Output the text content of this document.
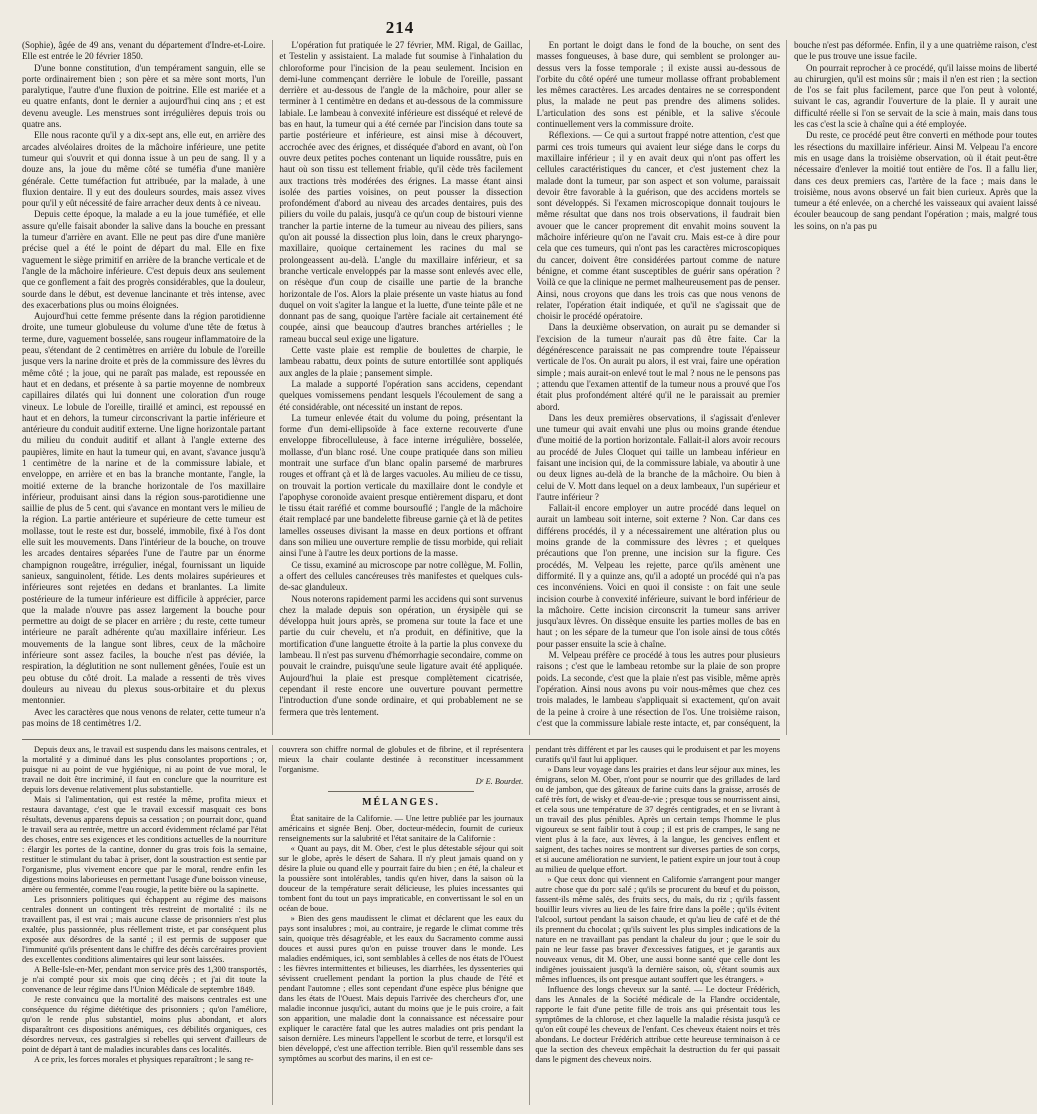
214

(Sophie), âgée de 49 ans, venant du département d'Indre-et-Loire. Elle est entrée le 20 février 1850.

D'une bonne constitution, d'un tempérament sanguin, elle se porte ordinairement bien ; son père et sa mère sont morts, l'un paralytique, l'autre d'une fluxion de poitrine. Elle est mariée et a eu quatre enfants, dont le dernier a aujourd'hui cinq ans ; et est devenu aveugle. Les menstrues sont irrégulières depuis trois ou quatre ans.

Elle nous raconte qu'il y a dix-sept ans, elle eut, en arrière des arcades alvéolaires droites de la mâchoire inférieure, une petite tumeur qui s'ouvrit et qui donna issue à un peu de sang. Il y a douze ans, la joue du même côté se tuméfia d'une manière générale. Cette tuméfaction fut attribuée, par la malade, à une fluxion dentaire. Il y eut des douleurs sourdes, mais assez vives pour qu'il y eût nécessité de faire arracher deux dents à ce niveau.

Depuis cette époque, la malade a eu la joue tuméfiée, et elle assure qu'elle faisait abonder la salive dans la bouche en pressant la tumeur d'arrière en avant. Elle ne peut pas dire d'une manière précise quel a été le point de départ du mal. Elle en fixe vaguement le siège primitif en arrière de la branche verticale et de l'angle de la mâchoire inférieure. C'est depuis deux ans seulement que ce gonflement a fait des progrès considérables, que la douleur, sourde dans le début, est devenue lancinante et très intense, avec des exacerbations plus ou moins éloignées.

Aujourd'hui cette femme présente dans la région parotidienne droite, une tumeur globuleuse du volume d'une tête de fœtus à terme, dure, vaguement bosselée, sans rougeur inflammatoire de la peau, s'étendant de 2 centimètres en arrière du lobule de l'oreille jusque vers la narine droite et près de la commissure des lèvres du même côté ; la joue, qui ne paraît pas malade, est repoussée en haut et en dedans, et présente à sa partie moyenne de nombreux capillaires dilatés qui lui donnent une coloration d'un rouge vineux. Le lobule de l'oreille, tiraillé et aminci, est repoussé en haut et en dehors, la tumeur circonscrivant la partie inférieure et antérieure du conduit auditif externe. Une ligne horizontale partant du milieu du conduit auditif et allant à l'angle externe des paupières, limite en haut la tumeur qui, en avant, s'avance jusqu'à 1 centimètre de la narine et de la commissure labiale, et enveloppe, en arrière et en bas la branche montante, l'angle, la moitié externe de la branche horizontale de l'os maxillaire inférieur, produisant ainsi dans la région sous-parotidienne une saillie de plus de 5 cent. qui s'avance en montant vers le milieu de la région. La partie antérieure et supérieure de cette tumeur est mollasse, tout le reste est dur, bosselé, immobile, fixé à l'os dont elle suit les mouvements. Dans l'intérieur de la bouche, on trouve les arcades dentaires séparées l'une de l'autre par un énorme champignon rougeâtre, irrégulier, inégal, fournissant un liquide sanieux, sanguinolent, fétide. Les dents molaires supérieures et inférieures sont rejetées en dedans et branlantes. La limite postérieure de la tumeur inférieure est difficile à apprécier, parce que la malade n'ouvre pas assez largement la bouche pour permettre au doigt de se placer en arrière ; du reste, cette tumeur intérieure ne paraît adhérente qu'au maxillaire inférieur. Les mouvements de la langue sont libres, ceux de la mâchoire inférieure sont assez faciles, la bouche n'est pas déviée, la respiration, la déglutition ne sont nullement gênées, l'ouïe est un peu obtuse du côté droit. La malade a ressenti de très vives douleurs au niveau du plexus sous-orbitaire et du plexus mentonnier.

Avec les caractères que nous venons de relater, cette tumeur n'a pas moins de 18 centimètres 1/2.

L'opération fut pratiquée le 27 février, MM. Rigal, de Gaillac, et Testelin y assistaient. La malade fut soumise à l'inhalation du chloroforme pour l'incision de la peau seulement. Incision en demi-lune commençant derrière le lobule de l'oreille, passant derrière et au-dessous de l'angle de la mâchoire, pour aller se terminer à 1 centimètre en dedans et au-dessous de la commissure labiale. Le lambeau à convexité inférieure est disséqué et relevé de bas en haut, la tumeur qui a été cernée par l'incision dans toute sa partie postérieure et inférieure, est ainsi mise à découvert, accrochée avec des érignes, et disséquée d'abord en avant, où l'on ouvre deux petites poches contenant un liquide roussâtre, puis en haut où son tissu est tellement friable, qu'il cède très facilement aux tractions très modérées des érignes. La masse étant ainsi isolée des parties voisines, on peut pousser la dissection profondément d'abord au niveau des arcades dentaires, puis des piliers du voile du palais, jusqu'à ce qu'un coup de bistouri vienne trancher la partie interne de la tumeur au niveau des piliers, sans qu'on ait poussé la dissection plus loin, dans le creux pharyngo-maxillaire, quoique certainement les racines du mal se prolongeassent au-delà. L'angle du maxillaire inférieur, et sa branche verticale enveloppés par la masse sont enlevés avec elle, on résèque d'un coup de cisaille une partie de la branche horizontale de l'os. Alors la plaie présente un vaste hiatus au fond duquel on voit s'agiter la langue et la luette, d'une teinte pâle et ne donnant pas de sang, quoique l'artère faciale ait certainement été coupée, ainsi que beaucoup d'autres branches artérielles ; le rameau buccal seul exige une ligature.

Cette vaste plaie est remplie de boulettes de charpie, le lambeau rabattu, deux points de suture entortillée sont appliqués aux angles de la plaie ; pansement simple.

La malade a supporté l'opération sans accidens, cependant quelques vomissemens pendant lesquels l'écoulement de sang a été considérable, ont nécessité un instant de repos.

La tumeur enlevée était du volume du poing, présentant la forme d'un demi-ellipsoïde à face externe recouverte d'une enveloppe fibrocelluleuse, à face interne irrégulière, bosselée, mollasse, d'un blanc rosé. Une coupe pratiquée dans son milieu montrait une surface d'un blanc opalin parsemé de marbrures rouges et offrant çà et là de larges vacuoles. Au milieu de ce tissu, on trouvait la portion verticale du maxillaire dont le condyle et l'apophyse coronoïde avaient presque entièrement disparu, et dont le tissu était raréfié et comme boursouflé ; l'angle de la mâchoire était remplacé par une bandelette fibreuse garnie çà et là de petites lamelles osseuses divisant la masse en deux portions et offrant dans son milieu une ouverture remplie de tissu morbide, qui reliait ainsi l'une à l'autre les deux portions de la masse.

Ce tissu, examiné au microscope par notre collègue, M. Follin, a offert des cellules cancéreuses très manifestes et quelques culs-de-sac glanduleux.

Nous noterons rapidement parmi les accidens qui sont survenus chez la malade depuis son opération, un érysipèle qui se développa huit jours après, se promena sur toute la face et une partie du cuir chevelu, et n'a produit, en définitive, que la mortification d'une languette étroite à la partie la plus convexe du lambeau. Il n'est pas survenu d'hémorrhagie secondaire, comme on pouvait le craindre, puisqu'une seule ligature avait été appliquée. Aujourd'hui la plaie est presque complètement cicatrisée, cependant il reste encore une ouverture pouvant permettre l'introduction d'une sonde ordinaire, et qui probablement ne se fermera que très lentement.

En portant le doigt dans le fond de la bouche, on sent des masses fongueuses, à base dure, qui semblent se prolonger au-dessus vers la fosse temporale ; il existe aussi au-dessous de l'orbite du côté opéré une tumeur mollasse offrant probablement les mêmes caractères. Les arcades dentaires ne se correspondent plus, la malade ne peut pas prendre des alimens solides. L'articulation des sons est pénible, et la salive s'écoule continuellement vers la commissure droite.

Réflexions. — Ce qui a surtout frappé notre attention, c'est que parmi ces trois tumeurs qui avaient leur siége dans le corps du maxillaire inférieur ; il y en avait deux qui n'ont pas offert les cellules caractéristiques du cancer, et c'est justement chez la malade dont la tumeur, par son aspect et son volume, paraissait devoir être favorable à la guérison, que des accidens mortels se sont développés. Si l'examen microscopique donnait toujours le même résultat que dans nos trois observations, il faudrait bien avouer que le cancer proprement dit envahit moins souvent la mâchoire inférieure qu'on ne l'avait cru. Mais est-ce à dire pour cela que ces tumeurs, qui n'ont pas les caractères microscopiques du cancer, doivent être considérées partout comme de nature bénigne, et comme étant susceptibles de guérir sans opération ? Voilà ce que la clinique ne permet malheureusement pas de penser. Ainsi, nous croyons que dans les trois cas que nous venons de relater, l'opération était indiquée, et qu'il ne s'agissait que de choisir le procédé opératoire.

Dans la deuxième observation, on aurait pu se demander si l'excision de la tumeur n'aurait pas dû être faite. Car la dégénérescence paraissait ne pas comprendre toute l'épaisseur verticale de l'os. On aurait pu alors, il est vrai, faire une opération simple ; mais aurait-on enlevé tout le mal ? nous ne le pensons pas ; attendu que l'examen attentif de la tumeur nous a prouvé que l'os était plus profondément altéré qu'il ne le paraissait au premier abord.

Dans les deux premières observations, il s'agissait d'enlever une tumeur qui avait envahi une plus ou moins grande étendue d'une moitié de la portion horizontale. Fallait-il alors avoir recours au procédé de Jules Cloquet qui taille un lambeau inférieur en faisant une incision qui, de la commissure labiale, va aboutir à une ou deux lignes au-delà de la branche de la mâchoire. Ou bien à celui de V. Mott dans lequel on a deux lambeaux, l'un supérieur et l'autre inférieur ?

Fallait-il encore employer un autre procédé dans lequel on aurait un lambeau soit interne, soit externe ? Non. Car dans ces différens procédés, il y a nécessairement une altération plus ou moins grande de la commissure des lèvres ; et quelques précautions que l'on prenne, une incision sur la figure. Ces procédés, M. Velpeau les rejette, parce qu'ils amènent une difformité. Il y a quinze ans, qu'il a adopté un procédé qui n'a pas ces inconvéniens. Voici en quoi il consiste : on fait une seule incision courbe à convexité inférieure, suivant le bord inférieur de la mâchoire. Cette incision circonscrit la tumeur sans arriver jusqu'aux lèvres. On dissèque ensuite les parties molles de bas en haut ; on les sépare de la tumeur que l'on isole ainsi de tous côtés pour passer ensuite la scie à chaîne.

M. Velpeau préfère ce procédé à tous les autres pour plusieurs raisons ; c'est que le lambeau retombe sur la plaie de son propre poids. La seconde, c'est que la plaie n'est pas visible, même après l'opération. Ainsi nous avons pu voir nous-mêmes que chez ces trois malades, le lambeau s'appliquait si exactement, qu'on avait de la peine à croire à une résection de l'os. Une troisième raison, c'est que la commissure labiale reste intacte, et, par conséquent, la bouche n'est pas déformée. Enfin, il y a une quatrième raison, c'est que le pus trouve une issue facile.

On pourrait reprocher à ce procédé, qu'il laisse moins de liberté au chirurgien, qu'il est moins sûr ; mais il n'en est rien ; la section de l'os se fait plus facilement, parce que l'on peut à volonté, suivant le cas, agrandir l'ouverture de la plaie. Il y aurait une difficulté réelle si l'on se servait de la scie à main, mais dans tous les cas c'est la scie à chaîne qui a été employée.

Du reste, ce procédé peut être converti en méthode pour toutes les résections du maxillaire inférieur. Ainsi M. Velpeau l'a encore mis en usage dans la troisième observation, où il était peut-être nécessaire d'enlever la moitié tout entière de l'os. Il a fallu lier, dans ces deux premiers cas, l'artère de la face ; mais dans le troisième, nous avons observé un fait bien curieux. Après que la tumeur a été enlevée, on a cherché les vaisseaux qui avaient laissé écouler beaucoup de sang pendant l'opération ; mais, malgré tous les soins, on n'a pas pu

Depuis deux ans, le travail est suspendu dans les maisons centrales, et la mortalité y a diminué dans les plus consolantes proportions ; or, puisque ni au point de vue hygiénique, ni au point de vue moral, le travail ne doit être incriminé, il faut en conclure que la nourriture est depuis lors devenue relativement plus substantielle.

Mais si l'alimentation, qui est restée la même, profita mieux et restaura davantage, c'est que le travail excessif masquait ces bons résultats, devenus apparens depuis sa cessation ; on pourrait donc, quand le travail sera au rentrée, mettre un accord évidemment réclamé par l'état des choses, entre ses exigences et les conditions actuelles de la nourriture : élargir les portes de la cantine, donner du gras trois fois la semaine, restituer le stimulant du tabac à priser, dont la soustraction est sentie par l'organisme, plus vivement encore que par le moral, rendre enfin les digestions moins laborieuses en permettant l'usage d'une boisson vineuse, amère ou fermentée, comme l'eau rougie, la petite bière ou la sapinette.

Les prisonniers politiques qui échappent au régime des maisons centrales donnent un contingent très restreint de mortalité : ils ne travaillent pas, il est vrai ; mais aucune classe de prisonniers n'est plus exaltée, plus passionnée, plus réellement triste, et par conséquent plus exposée aux désordres de la santé ; il est permis de supposer que l'immunité qu'ils présentent dans le chiffre des décès carcéraires provient des excellentes conditions alimentaires qui leur sont laissées.

A Belle-Isle-en-Mer, pendant mon service près des 1,300 transportés, je n'ai compté pour six mois que cinq décès ; et j'ai dit toute la convenance de leur régime dans l'Union Médicale de septembre 1849.

Je reste convaincu que la mortalité des maisons centrales est une conséquence du régime diététique des prisonniers ; qu'on l'améliore, qu'on le rende plus substantiel, moins plus abondant, et alors disparaîtront ces dispositions anémiques, ces débilités organiques, ces désordres nerveux, ces gastralgies si rebelles qui servent d'ailleurs de point de départ à tant de maladies incurables dans ces localités.

A ce prix, les forces morales et physiques reparaîtront ; le sang re-

couvrera son chiffre normal de globules et de fibrine, et il représentera mieux la chair coulante destinée à reconstituer incessamment l'organisme.

Dʳ E. Bourdet.
MÉLANGES.

État sanitaire de la Californie. — Une lettre publiée par les journaux américains et signée Benj. Ober, docteur-médecin, fournit de curieux renseignements sur la salubrité et l'état sanitaire de la Californie :

« Quant au pays, dit M. Ober, c'est le plus détestable séjour qui soit sur le globe, après le désert de Sahara. Il n'y pleut jamais quand on y désire la pluie ou quand elle y pourrait faire du bien ; en été, la chaleur et la poussière sont intolérables, tandis qu'en hiver, dans la saison où la douceur de la température serait délicieuse, les pluies incessantes qui tombent font du tout un pays impraticable, en convertissant le sol en un océan de boue.

» Bien des gens maudissent le climat et déclarent que les eaux du pays sont insalubres ; moi, au contraire, je regarde le climat comme très sain, quoique très désagréable, et les eaux du Sacramento comme aussi douces et aussi pures qu'on en puisse trouver dans le monde. Les maladies endémiques, ici, sont semblables à celles de nos états de l'Ouest : les fièvres intermittentes et bilieuses, les diarrhées, les dyssenteries qui sévissent cruellement pendant la portion la plus chaude de l'été et pendant l'automne ; elles sont cependant d'une espèce plus bénigne que dans les états de l'Ouest. Mais depuis l'arrivée des chercheurs d'or, une maladie inconnue jusqu'ici, autant du moins que je le puis croire, a fait son apparition, une maladie dont la connaissance est nécessaire pour expliquer le caractère fatal que les autres maladies ont pris pendant la saison dernière. Les mineurs l'appellent le scorbut de terre, et lorsqu'il est bien développé, c'est une affection terrible. Bien qu'il ressemble dans ses symptômes au scorbut des marins, il en est ce-

pendant très différent et par les causes qui le produisent et par les moyens curatifs qu'il faut lui appliquer.

» Dans leur voyage dans les prairies et dans leur séjour aux mines, les émigrans, selon M. Ober, n'ont pour se nourrir que des grillades de lard ou de jambon, que des gâteaux de farine cuits dans la graisse, arrosés de café très fort, de wisky et d'eau-de-vie ; presque tous se nourrissent ainsi, et cela sous une température de 37 degrés centigrades, et en se livrant à un travail des plus pénibles. Après un certain temps l'homme le plus vigoureux se sent faiblir tout à coup ; il est pris de crampes, le sang ne vient plus à la face, aux lèvres, à la langue, les gencives enflent et saignent, des taches noires se montrent sur diverses parties de son corps, et si aucune amélioration ne survient, le patient expire un jour tout à coup au milieu de quelque effort.

» Que ceux donc qui viennent en Californie s'arrangent pour manger autre chose que du porc salé ; qu'ils se procurent du bœuf et du poisson, fassent-ils même salés, des fruits secs, du maïs, du riz ; qu'ils fassent bouillir leurs vivres au lieu de les faire frire dans la poêle ; qu'ils évitent l'alcool, surtout pendant la saison chaude, et qu'au lieu de café et de thé ils prennent du chocolat ; qu'ils suivent les plus simples indications de la nature en ne travaillant pas pendant la chaleur du jour ; que le soir du pain ne leur fasse pas braver d'excessives fatigues, et je garantis aux nouveaux venus, dit M. Ober, une aussi bonne santé que celle dont les indigènes jouissaient jusqu'à la dernière saison, où, s'étant soumis aux mêmes influences, ils ont presque autant souffert que les étrangers. »

Influence des longs cheveux sur la santé. — Le docteur Frédérich, dans les Annales de la Société médicale de la Flandre occidentale, rapporte le fait d'une petite fille de trois ans qui présentait tous les symptômes de la chlorose, et chez laquelle la maladie résista jusqu'à ce qu'on eût coupé les cheveux de l'enfant. Ces cheveux étaient noirs et très abondans. Le docteur Frédérich attribue cette heureuse terminaison à ce que la section des cheveux empêchait la destruction du fer qui passait dans le pigment des cheveux noirs.
